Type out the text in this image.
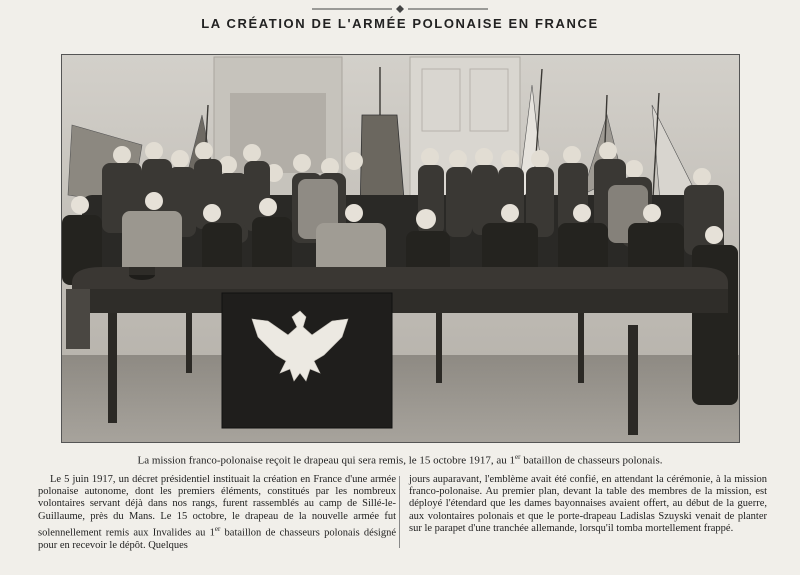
LA CRÉATION DE L'ARMÉE POLONAISE EN FRANCE
La mission franco-polonaise reçoit le drapeau qui sera remis, le 15 octobre 1917, au 1er bataillon de chasseurs polonais.
Le 5 juin 1917, un décret présidentiel instituait la création en France d'une armée polonaise autonome, dont les premiers éléments, constitués par les nombreux volontaires servant déjà dans nos rangs, furent rassemblés au camp de Sillé-le-Guillaume, près du Mans. Le 15 octobre, le drapeau de la nouvelle armée fut solennellement remis aux Invalides au 1er bataillon de chasseurs polonais désigné pour en recevoir le dépôt. Quelques
jours auparavant, l'emblème avait été confié, en attendant la cérémonie, à la mission franco-polonaise. Au premier plan, devant la table des membres de la mission, est déployé l'étendard que les dames bayonnaises avaient offert, au début de la guerre, aux volontaires polonais et que le porte-drapeau Ladislas Szuyski venait de planter sur le parapet d'une tranchée allemande, lorsqu'il tomba mortellement frappé.
